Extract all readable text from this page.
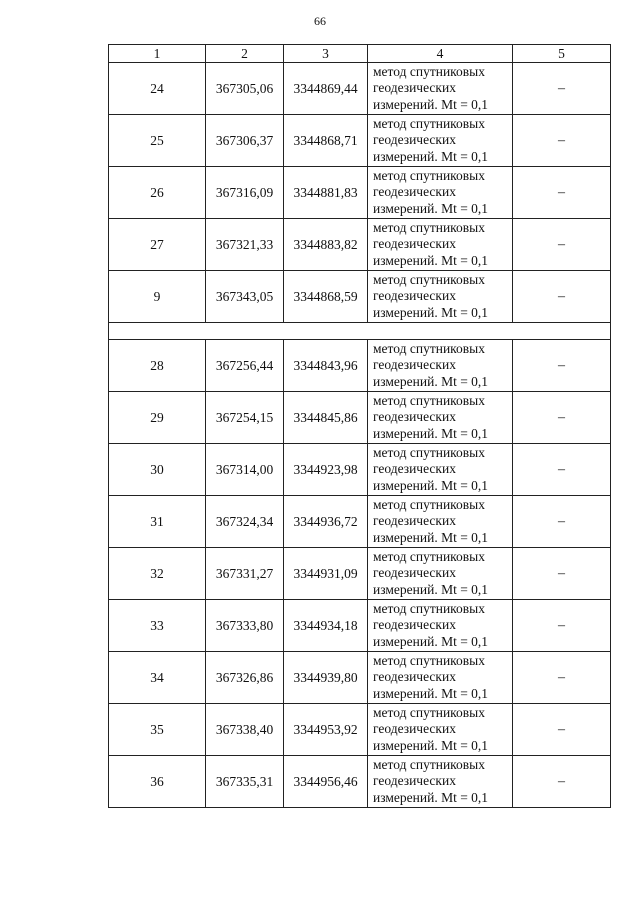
66
1	2	3	4	5
24	367305,06	3344869,44	метод спутниковых геодезических измерений. Mt = 0,1	–
25	367306,37	3344868,71	метод спутниковых геодезических измерений. Mt = 0,1	–
26	367316,09	3344881,83	метод спутниковых геодезических измерений. Mt = 0,1	–
27	367321,33	3344883,82	метод спутниковых геодезических измерений. Mt = 0,1	–
9	367343,05	3344868,59	метод спутниковых геодезических измерений. Mt = 0,1	–

28	367256,44	3344843,96	метод спутниковых геодезических измерений. Mt = 0,1	–
29	367254,15	3344845,86	метод спутниковых геодезических измерений. Mt = 0,1	–
30	367314,00	3344923,98	метод спутниковых геодезических измерений. Mt = 0,1	–
31	367324,34	3344936,72	метод спутниковых геодезических измерений. Mt = 0,1	–
32	367331,27	3344931,09	метод спутниковых геодезических измерений. Mt = 0,1	–
33	367333,80	3344934,18	метод спутниковых геодезических измерений. Mt = 0,1	–
34	367326,86	3344939,80	метод спутниковых геодезических измерений. Mt = 0,1	–
35	367338,40	3344953,92	метод спутниковых геодезических измерений. Mt = 0,1	–
36	367335,31	3344956,46	метод спутниковых геодезических измерений. Mt = 0,1	–
